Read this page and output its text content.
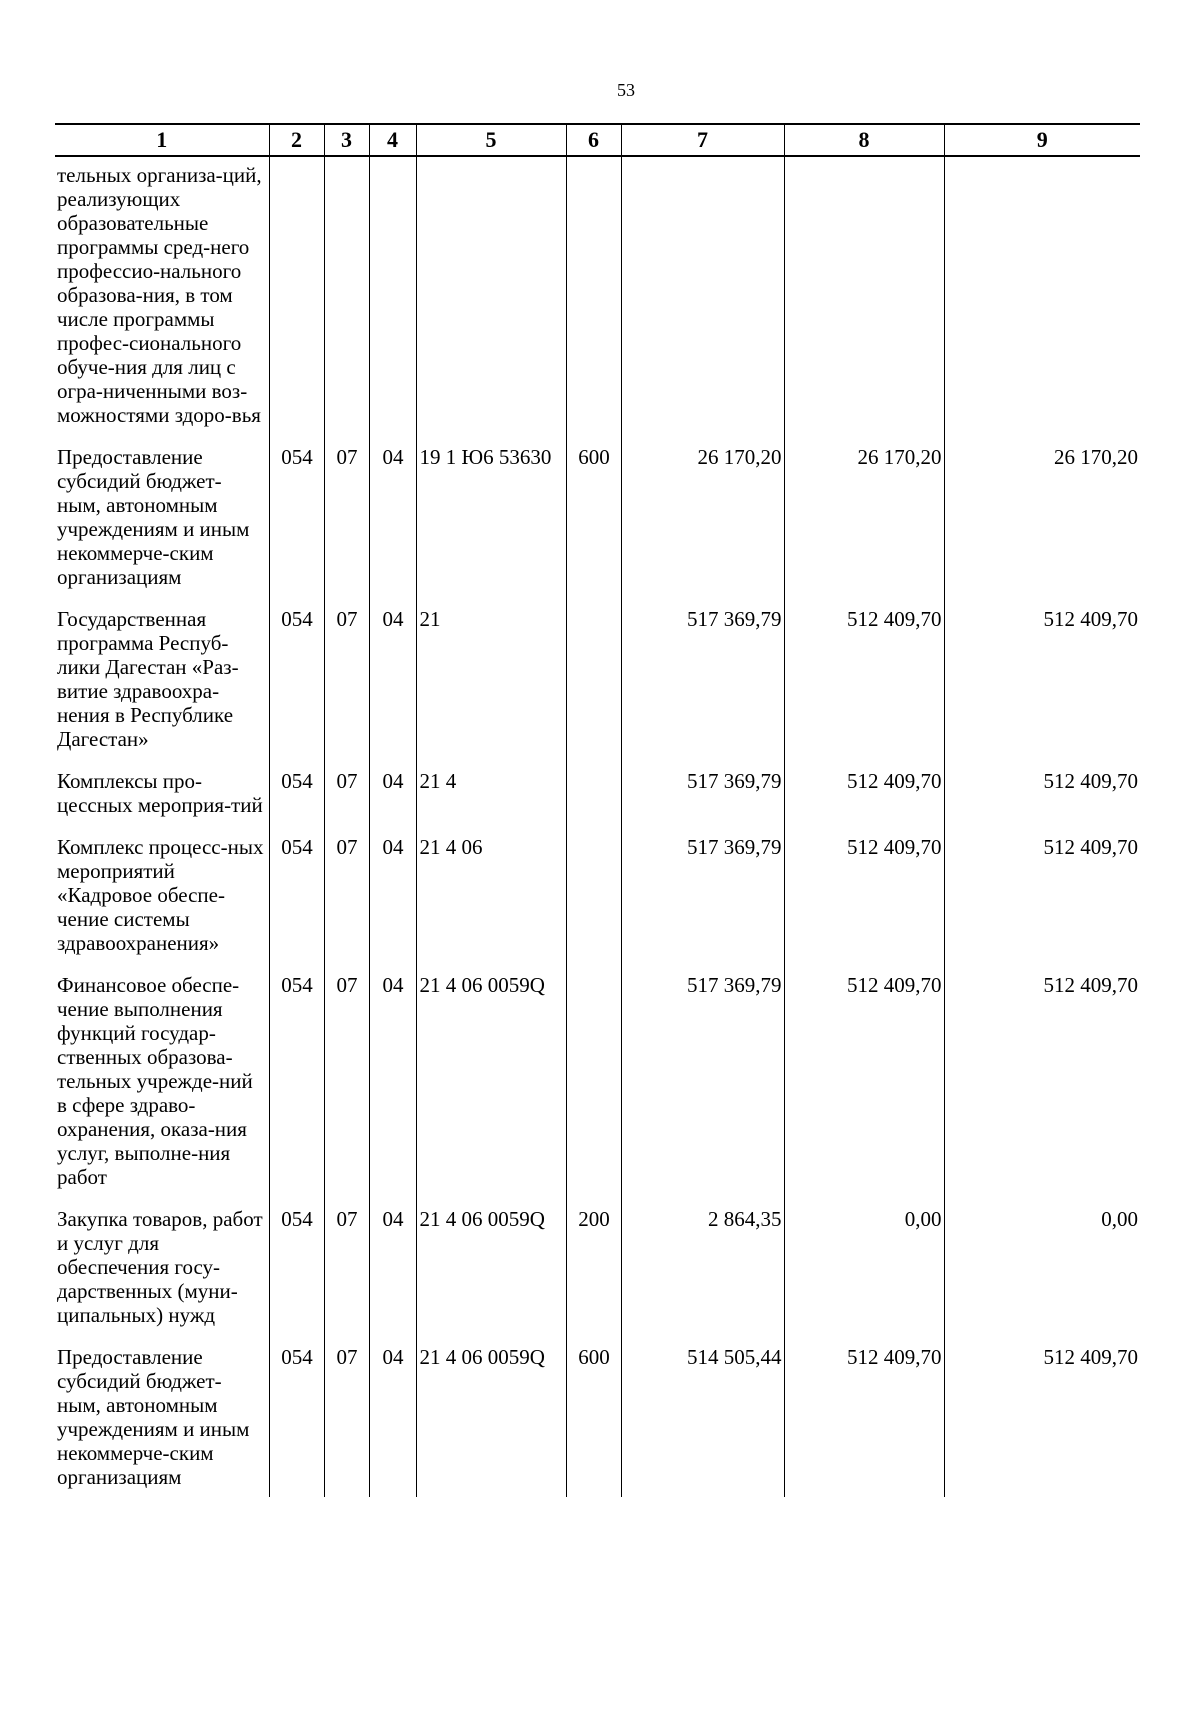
53
1	2	3	4	5	6	7	8	9
тельных организа-ций, реализующих образовательные программы сред-него профессио-нального образова-ния, в том числе программы профес-сионального обуче-ния для лиц с огра-ниченными воз-можностями здоро-вья								
Предоставление субсидий бюджет-ным, автономным учреждениям и иным некоммерче-ским организациям	054	07	04	19 1 Ю6 53630	600	26 170,20	26 170,20	26 170,20
Государственная программа Респуб-лики Дагестан «Раз-витие здравоохра-нения в Республике Дагестан»	054	07	04	21		517 369,79	512 409,70	512 409,70
Комплексы про-цессных мероприя-тий	054	07	04	21 4		517 369,79	512 409,70	512 409,70
Комплекс процесс-ных мероприятий «Кадровое обеспе-чение системы здравоохранения»	054	07	04	21 4 06		517 369,79	512 409,70	512 409,70
Финансовое обеспе-чение выполнения функций государ-ственных образова-тельных учрежде-ний в сфере здраво-охранения, оказа-ния услуг, выполне-ния работ	054	07	04	21 4 06 0059Q		517 369,79	512 409,70	512 409,70
Закупка товаров, работ и услуг для обеспечения госу-дарственных (муни-ципальных) нужд	054	07	04	21 4 06 0059Q	200	2 864,35	0,00	0,00
Предоставление субсидий бюджет-ным, автономным учреждениям и иным некоммерче-ским организациям	054	07	04	21 4 06 0059Q	600	514 505,44	512 409,70	512 409,70
